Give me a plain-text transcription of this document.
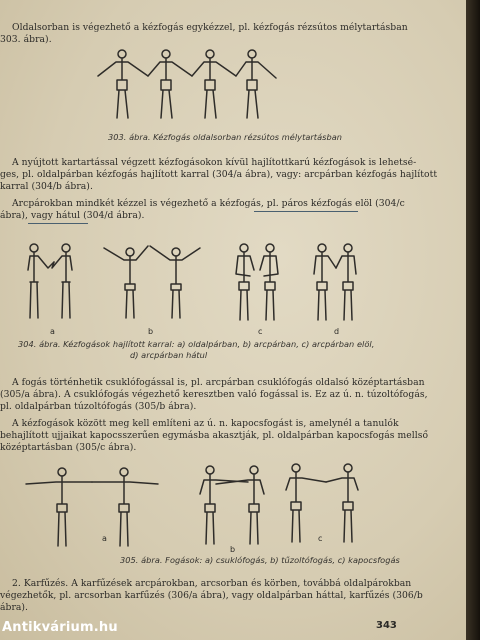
Oldalsorban is végezhető a kézfogás egykézzel, pl. kézfogás rézsútos mélytartásban
303. ábra).
303. ábra. Kézfogás oldalsorban rézsútos mélytartásban
A nyújtott kartartással végzett kézfogásokon kívül hajlítottkarú kézfogások is lehetsé-
ges, pl. oldalpárban kézfogás hajlított karral (304/a ábra), vagy: arcpárban kézfogás hajlított
karral (304/b ábra).
Arcpárokban mindkét kézzel is végezhető a kézfogás, pl. páros kézfogás elöl (304/c
ábra), vagy hátul (304/d ábra).
a	b	c	d
304. ábra. Kézfogások hajlított karral: a) oldalpárban, b) arcpárban, c) arcpárban elöl,
d) arcpárban hátul
A fogás történhetik csuklófogással is, pl. arcpárban csuklófogás oldalsó középtartásban
(305/a ábra). A csuklófogás végezhető keresztben való fogással is. Ez az ú. n. túzoltófogás,
pl. oldalpárban túzoltófogás (305/b ábra).
A kézfogások között meg kell említeni az ú. n. kapocsfogást is, amelynél a tanulók
behajlított ujjaikat kapocsszerűen egymásba akasztják, pl. oldalpárban kapocsfogás mellső
középtartásban (305/c ábra).
a
b
c
305. ábra. Fogások: a) csuklófogás, b) tűzoltófogás, c) kapocsfogás
2. Karfűzés. A karfűzések arcpárokban, arcsorban és körben, továbbá oldalpárokban
végezhetők, pl. arcsorban karfűzés (306/a ábra), vagy oldalpárban háttal, karfűzés (306/b
ábra).
343
Antikvárium.hu
